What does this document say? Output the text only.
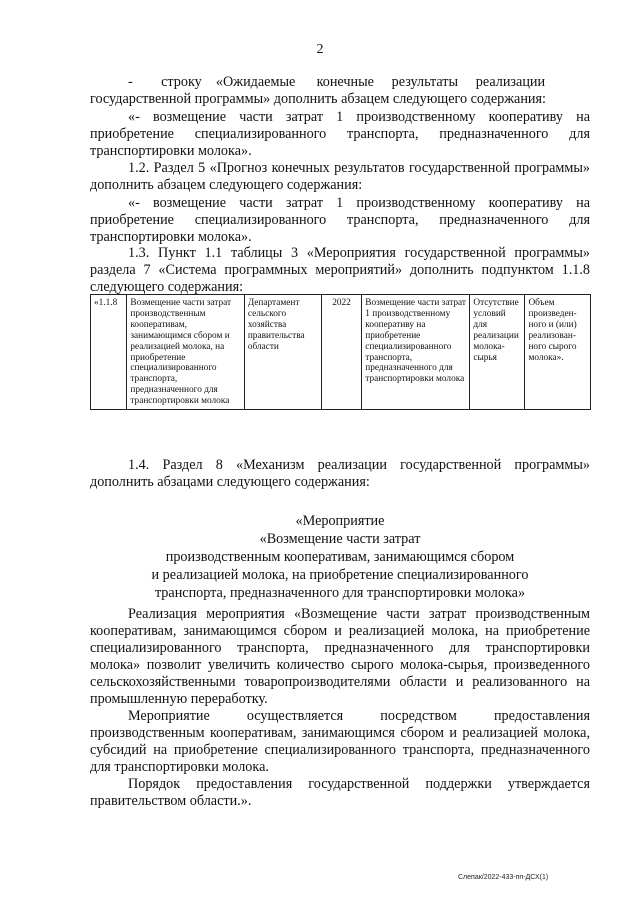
2

-        строку    «Ожидаемые      конечные     результаты     реализации

государственной программы» дополнить абзацем следующего содержания:

«- возмещение части затрат 1 производственному кооперативу на приобретение специализированного транспорта, предназначенного для транспортировки молока».

1.2. Раздел 5 «Прогноз конечных результатов государственной программы» дополнить абзацем следующего содержания:

«- возмещение части затрат 1 производственному кооперативу на приобретение специализированного транспорта, предназначенного для транспортировки молока».

1.3. Пункт 1.1 таблицы 3 «Мероприятия государственной программы» раздела 7 «Система программных мероприятий» дополнить подпунктом 1.1.8 следующего содержания:

«1.1.8	Возмещение части затрат производственным кооперативам, занимающимся сбором и реализацией молока, на приобретение специализированного транспорта, предназначенного для транспортировки молока	Департамент сельского хозяйства правительства области	2022	Возмещение части затрат 1 производственному кооперативу на приобретение специализированного транспорта, предназначенного для транспортировки молока	Отсутствие условий для реализации молока-сырья	Объем произведенного и (или) реализованного сырого молока».

1.4. Раздел 8 «Механизм реализации государственной программы» дополнить абзацами следующего содержания:

«Мероприятие
«Возмещение части затрат
производственным кооперативам, занимающимся сбором
и реализацией молока, на приобретение специализированного
транспорта, предназначенного для транспортировки молока»

Реализация мероприятия «Возмещение части затрат производственным кооперативам, занимающимся сбором и реализацией молока, на приобретение специализированного транспорта, предназначенного для транспортировки молока» позволит увеличить количество сырого молока-сырья, произведенного сельскохозяйственными товаропроизводителями области и реализованного на промышленную переработку.

Мероприятие осуществляется посредством предоставления производственным кооперативам, занимающимся сбором и реализацией молока, субсидий на приобретение специализированного транспорта, предназначенного для транспортировки молока.

Порядок предоставления государственной поддержки утверждается правительством области.».

Слепак/2022-433-пп-ДСХ(1)
